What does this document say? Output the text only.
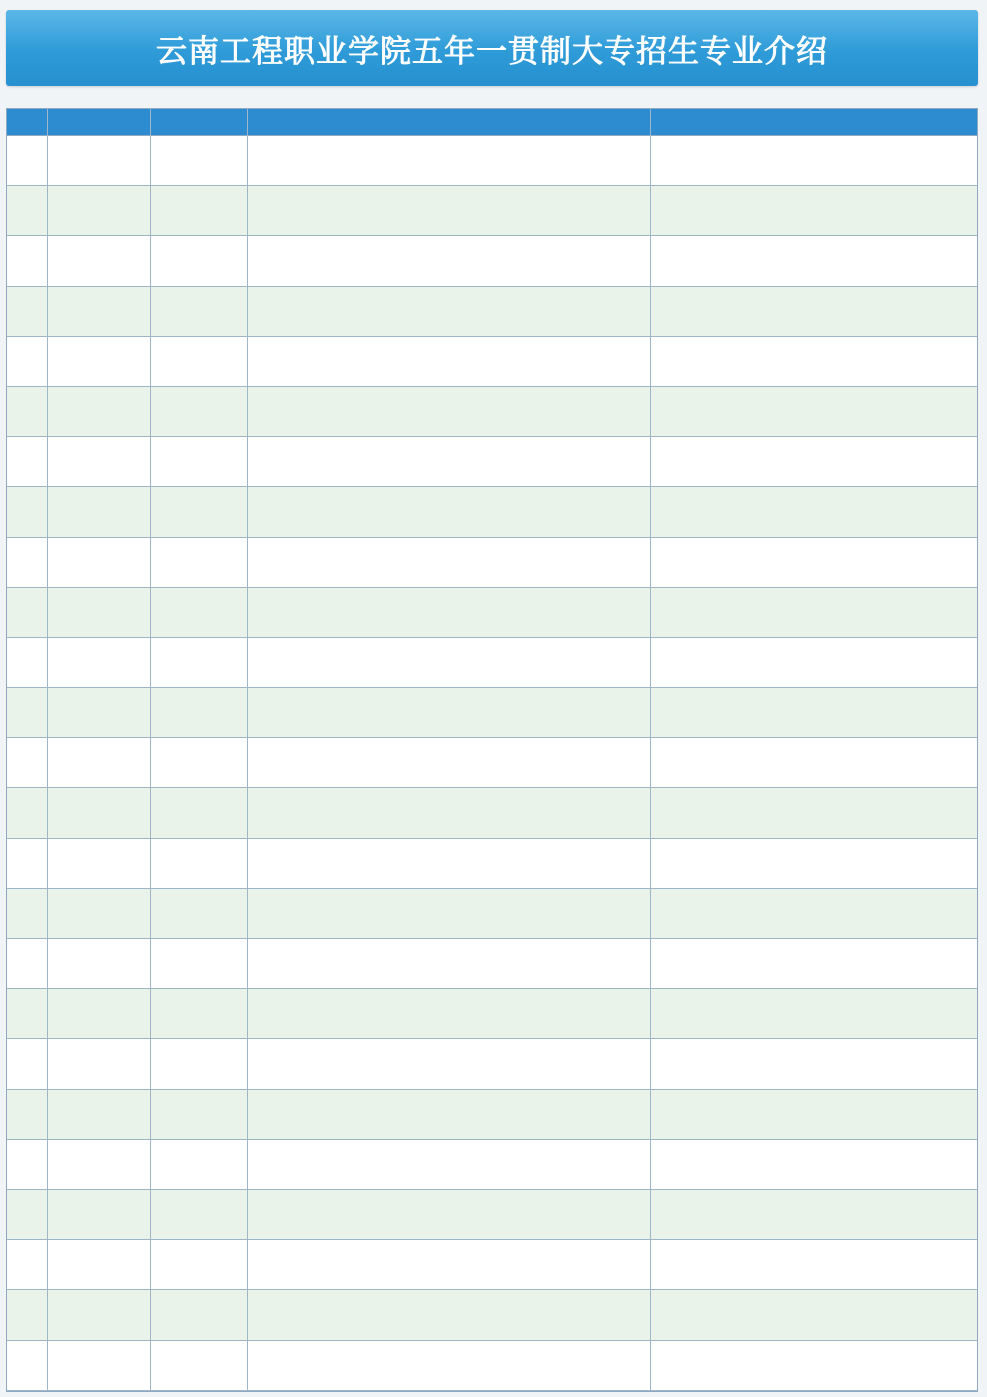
云南工程职业学院五年一贯制大专招生专业介绍
